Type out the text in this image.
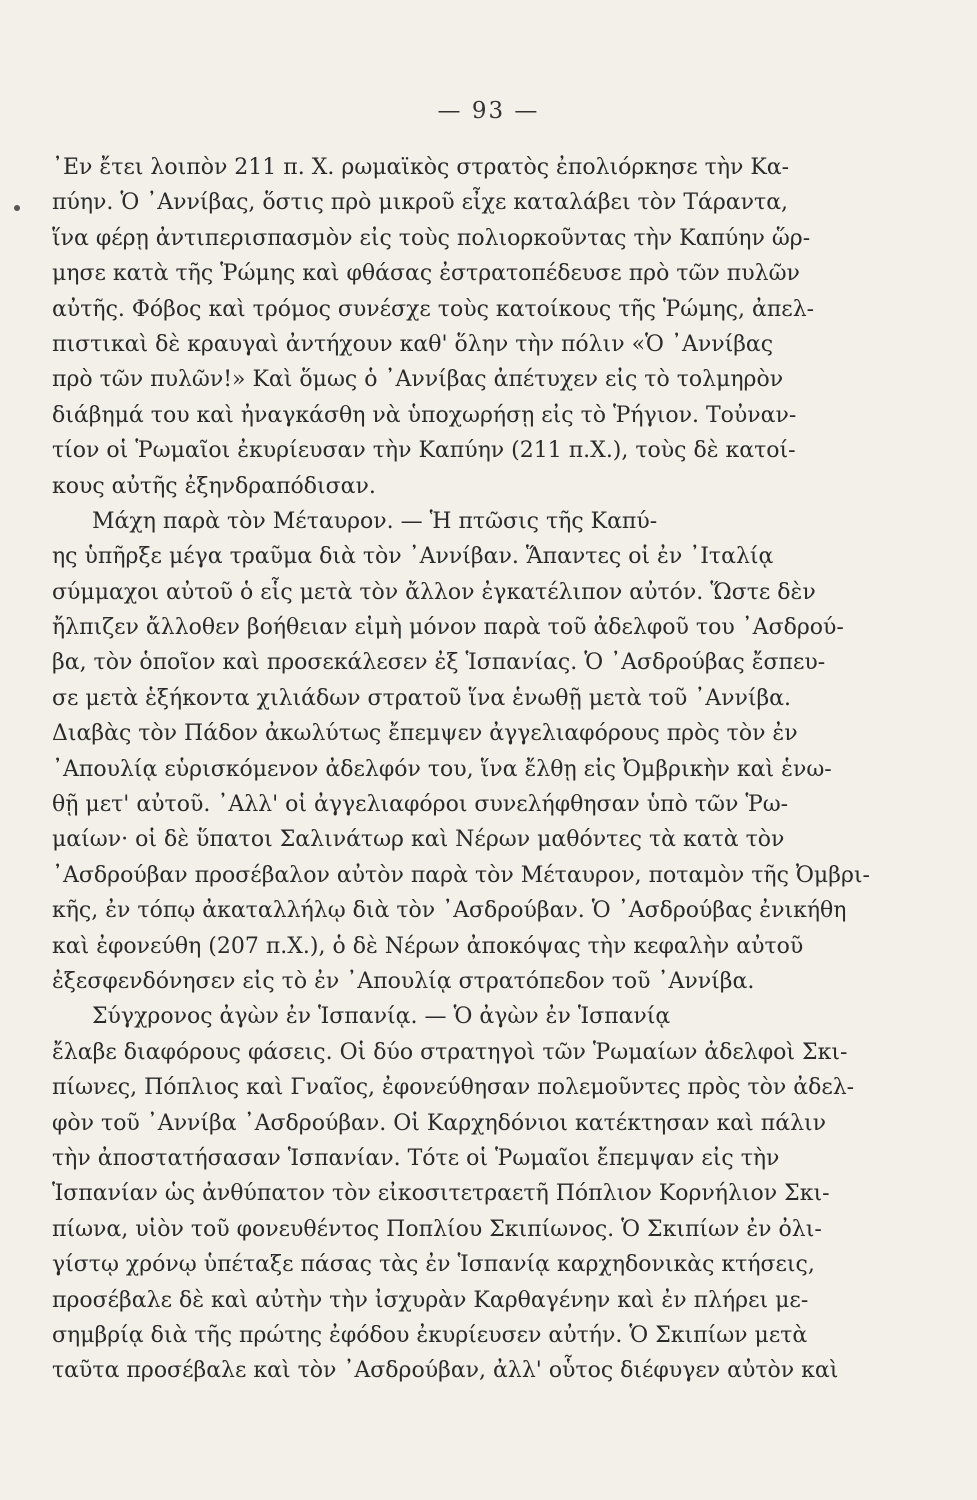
— 93 —
᾿Εν ἔτει λοιπὸν 211 π. Χ. ρωμαϊκὸς στρατὸς ἐπολιόρκησε τὴν Κα-
πύην. Ὁ ᾿Αννίβας, ὅστις πρὸ μικροῦ εἶχε καταλάβει τὸν Τάραντα,
ἵνα φέρῃ ἀντιπερισπασμὸν εἰς τοὺς πολιορκοῦντας τὴν Καπύην ὥρ-
μησε κατὰ τῆς Ῥώμης καὶ φθάσας ἐστρατοπέδευσε πρὸ τῶν πυλῶν
αὐτῆς. Φόβος καὶ τρόμος συνέσχε τοὺς κατοίκους τῆς Ῥώμης, ἀπελ-
πιστικαὶ δὲ κραυγαὶ ἀντήχουν καθ' ὅλην τὴν πόλιν «Ὁ ᾿Αννίβας
πρὸ τῶν πυλῶν!» Καὶ ὅμως ὁ ᾿Αννίβας ἀπέτυχεν εἰς τὸ τολμηρὸν
διάβημά του καὶ ἠναγκάσθη νὰ ὑποχωρήσῃ εἰς τὸ Ῥήγιον. Τοὐναν-
τίον οἱ Ῥωμαῖοι ἐκυρίευσαν τὴν Καπύην (211 π.Χ.), τοὺς δὲ κατοί-
κους αὐτῆς ἐξηνδραπόδισαν.
Μάχη παρὰ τὸν Μέταυρον. — Ἡ πτῶσις τῆς Καπύ-
ης ὑπῆρξε μέγα τραῦμα διὰ τὸν ᾿Αννίβαν. Ἅπαντες οἱ ἐν ᾿Ιταλίᾳ
σύμμαχοι αὐτοῦ ὁ εἷς μετὰ τὸν ἄλλον ἐγκατέλιπον αὐτόν. Ὥστε δὲν
ἤλπιζεν ἄλλοθεν βοήθειαν εἰμὴ μόνον παρὰ τοῦ ἀδελφοῦ του ᾿Ασδρού-
βα, τὸν ὁποῖον καὶ προσεκάλεσεν ἐξ Ἱσπανίας. Ὁ ᾿Ασδρούβας ἔσπευ-
σε μετὰ ἑξήκοντα χιλιάδων στρατοῦ ἵνα ἑνωθῇ μετὰ τοῦ ᾿Αννίβα.
Διαβὰς τὸν Πάδον ἀκωλύτως ἔπεμψεν ἀγγελιαφόρους πρὸς τὸν ἐν
᾿Απουλίᾳ εὑρισκόμενον ἀδελφόν του, ἵνα ἔλθῃ εἰς Ὀμβρικὴν καὶ ἑνω-
θῇ μετ' αὐτοῦ. ᾿Αλλ' οἱ ἀγγελιαφόροι συνελήφθησαν ὑπὸ τῶν Ῥω-
μαίων· οἱ δὲ ὕπατοι Σαλινάτωρ καὶ Νέρων μαθόντες τὰ κατὰ τὸν
᾿Ασδρούβαν προσέβαλον αὐτὸν παρὰ τὸν Μέταυρον, ποταμὸν τῆς Ὀμβρι-
κῆς, ἐν τόπῳ ἀκαταλλήλῳ διὰ τὸν ᾿Ασδρούβαν. Ὁ ᾿Ασδρούβας ἐνικήθη
καὶ ἐφονεύθη (207 π.Χ.), ὁ δὲ Νέρων ἀποκόψας τὴν κεφαλὴν αὐτοῦ
ἐξεσφενδόνησεν εἰς τὸ ἐν ᾿Απουλίᾳ στρατόπεδον τοῦ ᾿Αννίβα.
Σύγχρονος ἀγὼν ἐν Ἱσπανίᾳ. — Ὁ ἀγὼν ἐν Ἱσπανίᾳ
ἔλαβε διαφόρους φάσεις. Οἱ δύο στρατηγοὶ τῶν Ῥωμαίων ἀδελφοὶ Σκι-
πίωνες, Πόπλιος καὶ Γναῖος, ἐφονεύθησαν πολεμοῦντες πρὸς τὸν ἀδελ-
φὸν τοῦ ᾿Αννίβα ᾿Ασδρούβαν. Οἱ Καρχηδόνιοι κατέκτησαν καὶ πάλιν
τὴν ἀποστατήσασαν Ἱσπανίαν. Τότε οἱ Ῥωμαῖοι ἔπεμψαν εἰς τὴν
Ἱσπανίαν ὡς ἀνθύπατον τὸν εἰκοσιτετραετῆ Πόπλιον Κορνήλιον Σκι-
πίωνα, υἱὸν τοῦ φονευθέντος Ποπλίου Σκιπίωνος. Ὁ Σκιπίων ἐν ὀλι-
γίστῳ χρόνῳ ὑπέταξε πάσας τὰς ἐν Ἱσπανίᾳ καρχηδονικὰς κτήσεις,
προσέβαλε δὲ καὶ αὐτὴν τὴν ἰσχυρὰν Καρθαγένην καὶ ἐν πλήρει με-
σημβρίᾳ διὰ τῆς πρώτης ἐφόδου ἐκυρίευσεν αὐτήν. Ὁ Σκιπίων μετὰ
ταῦτα προσέβαλε καὶ τὸν ᾿Ασδρούβαν, ἀλλ' οὗτος διέφυγεν αὐτὸν καὶ
